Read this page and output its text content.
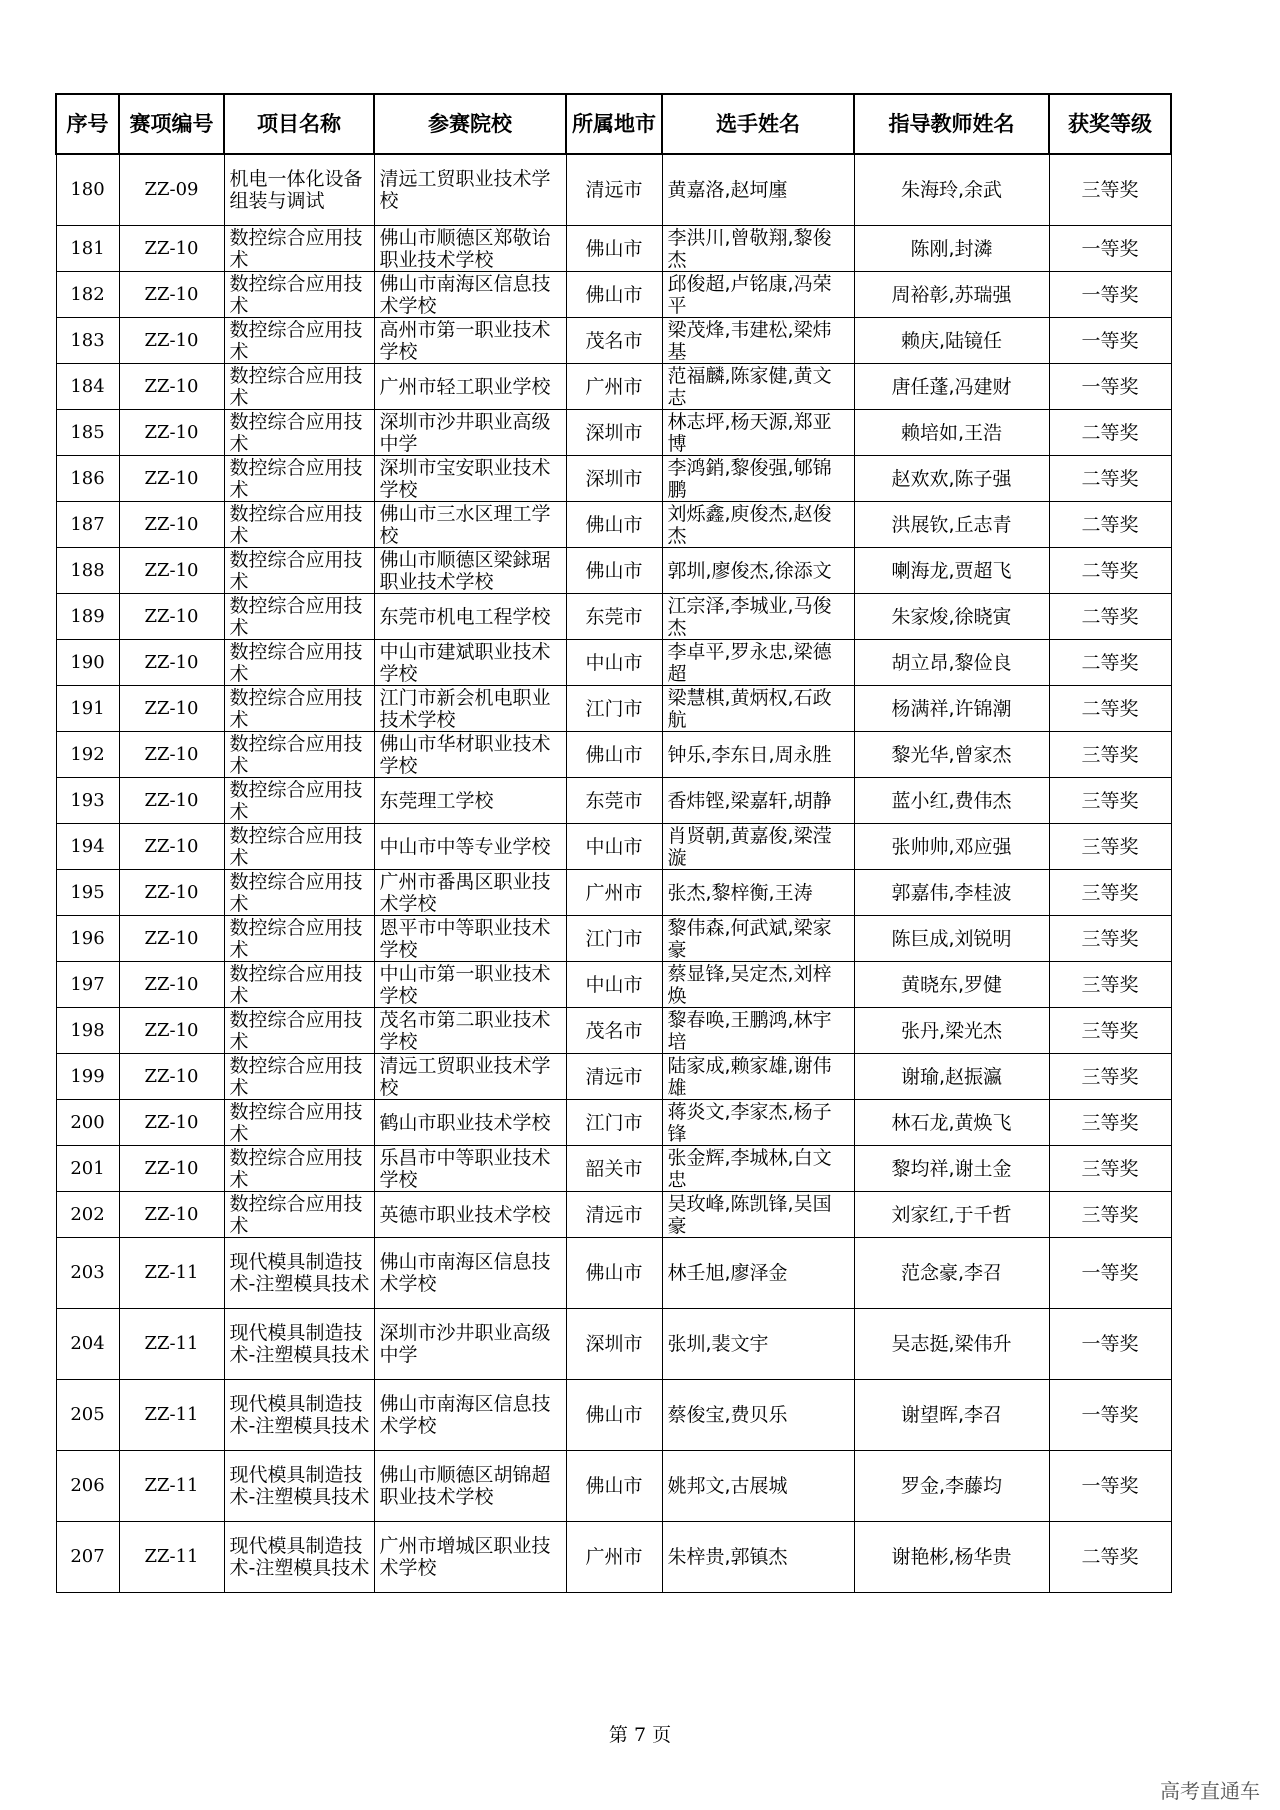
序号	赛项编号	项目名称	参赛院校	所属地市	选手姓名	指导教师姓名	获奖等级

180	ZZ-09	机电一体化设备组装与调试	清远工贸职业技术学校	清远市	黄嘉洛,赵坷廛	朱海玲,余武	三等奖

181	ZZ-10	数控综合应用技术	佛山市顺德区郑敬诒职业技术学校	佛山市	李洪川,曾敬翔,黎俊杰	陈刚,封潾	一等奖

182	ZZ-10	数控综合应用技术	佛山市南海区信息技术学校	佛山市	邱俊超,卢铭康,冯荣平	周裕彰,苏瑞强	一等奖

183	ZZ-10	数控综合应用技术	高州市第一职业技术学校	茂名市	梁茂烽,韦建松,梁炜基	赖庆,陆镜任	一等奖

184	ZZ-10	数控综合应用技术	广州市轻工职业学校	广州市	范福麟,陈家健,黄文志	唐任蓬,冯建财	一等奖

185	ZZ-10	数控综合应用技术	深圳市沙井职业高级中学	深圳市	林志坪,杨天源,郑亚博	赖培如,王浩	二等奖

186	ZZ-10	数控综合应用技术	深圳市宝安职业技术学校	深圳市	李鸿銷,黎俊强,郇锦鹏	赵欢欢,陈子强	二等奖

187	ZZ-10	数控综合应用技术	佛山市三水区理工学校	佛山市	刘烁鑫,庾俊杰,赵俊杰	洪展钦,丘志青	二等奖

188	ZZ-10	数控综合应用技术	佛山市顺德区梁銶琚职业技术学校	佛山市	郭圳,廖俊杰,徐添文	喇海龙,贾超飞	二等奖

189	ZZ-10	数控综合应用技术	东莞市机电工程学校	东莞市	江宗泽,李城业,马俊杰	朱家焌,徐晓寅	二等奖

190	ZZ-10	数控综合应用技术	中山市建斌职业技术学校	中山市	李卓平,罗永忠,梁德超	胡立昂,黎俭良	二等奖

191	ZZ-10	数控综合应用技术	江门市新会机电职业技术学校	江门市	梁慧棋,黄炳权,石政航	杨满祥,许锦潮	二等奖

192	ZZ-10	数控综合应用技术	佛山市华材职业技术学校	佛山市	钟乐,李东日,周永胜	黎光华,曾家杰	三等奖

193	ZZ-10	数控综合应用技术	东莞理工学校	东莞市	香炜铿,梁嘉轩,胡静	蓝小红,费伟杰	三等奖

194	ZZ-10	数控综合应用技术	中山市中等专业学校	中山市	肖贤朝,黄嘉俊,梁滢漩	张帅帅,邓应强	三等奖

195	ZZ-10	数控综合应用技术	广州市番禺区职业技术学校	广州市	张杰,黎梓衡,王涛	郭嘉伟,李桂波	三等奖

196	ZZ-10	数控综合应用技术	恩平市中等职业技术学校	江门市	黎伟森,何武斌,梁家豪	陈巨成,刘锐明	三等奖

197	ZZ-10	数控综合应用技术	中山市第一职业技术学校	中山市	蔡显锋,吴定杰,刘梓焕	黄晓东,罗健	三等奖

198	ZZ-10	数控综合应用技术	茂名市第二职业技术学校	茂名市	黎春唤,王鹏鸿,林宇培	张丹,梁光杰	三等奖

199	ZZ-10	数控综合应用技术	清远工贸职业技术学校	清远市	陆家成,赖家雄,谢伟雄	谢瑜,赵振瀛	三等奖

200	ZZ-10	数控综合应用技术	鹤山市职业技术学校	江门市	蒋炎文,李家杰,杨子锋	林石龙,黄焕飞	三等奖

201	ZZ-10	数控综合应用技术	乐昌市中等职业技术学校	韶关市	张金辉,李城林,白文忠	黎均祥,谢土金	三等奖

202	ZZ-10	数控综合应用技术	英德市职业技术学校	清远市	吴玫峰,陈凯锋,吴国豪	刘家红,于千哲	三等奖

203	ZZ-11	现代模具制造技术-注塑模具技术	佛山市南海区信息技术学校	佛山市	林壬旭,廖泽金	范念豪,李召	一等奖

204	ZZ-11	现代模具制造技术-注塑模具技术	深圳市沙井职业高级中学	深圳市	张圳,裴文宇	吴志挺,梁伟升	一等奖

205	ZZ-11	现代模具制造技术-注塑模具技术	佛山市南海区信息技术学校	佛山市	蔡俊宝,费贝乐	谢望晖,李召	一等奖

206	ZZ-11	现代模具制造技术-注塑模具技术	佛山市顺德区胡锦超职业技术学校	佛山市	姚邦文,古展城	罗金,李藤均	一等奖

207	ZZ-11	现代模具制造技术-注塑模具技术	广州市增城区职业技术学校	广州市	朱梓贵,郭镇杰	谢艳彬,杨华贵	二等奖
第 7 页
高考直通车
